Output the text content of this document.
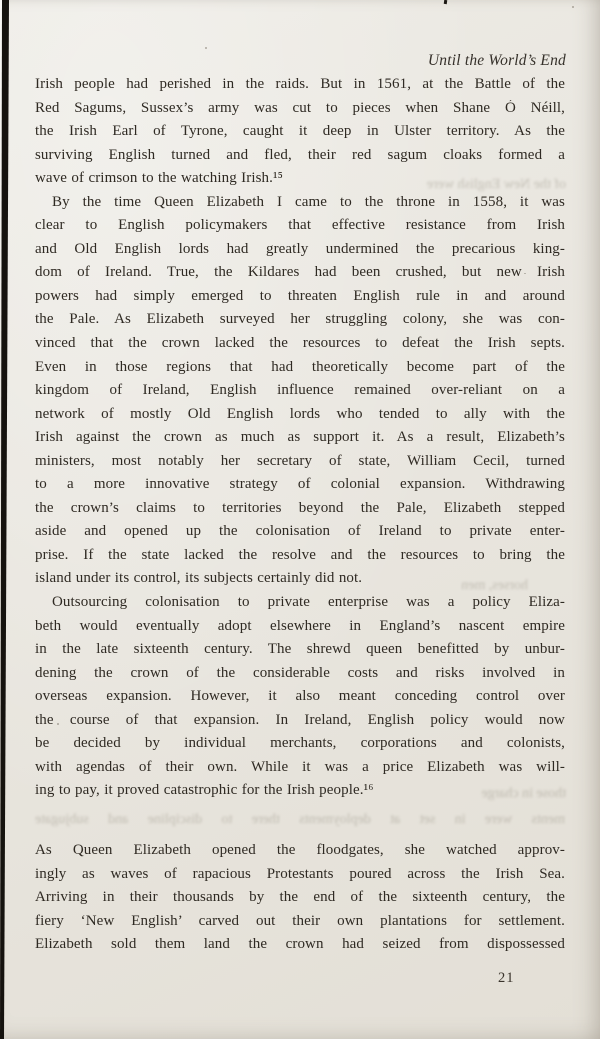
of the New English were
horses, men
those in charge
ments were in set at deployments there to discipline and subjugate
Until the World’s End
Irish people had perished in the raids. But in 1561, at the Battle of the
Red Sagums, Sussex’s army was cut to pieces when Shane Ó Néill,
the Irish Earl of Tyrone, caught it deep in Ulster territory. As the
surviving English turned and fled, their red sagum cloaks formed a
wave of crimson to the watching Irish.¹⁵
By the time Queen Elizabeth I came to the throne in 1558, it was
clear to English policymakers that effective resistance from Irish
and Old English lords had greatly undermined the precarious king-
dom of Ireland. True, the Kildares had been crushed, but new Irish
powers had simply emerged to threaten English rule in and around
the Pale. As Elizabeth surveyed her struggling colony, she was con-
vinced that the crown lacked the resources to defeat the Irish septs.
Even in those regions that had theoretically become part of the
kingdom of Ireland, English influence remained over-reliant on a
network of mostly Old English lords who tended to ally with the
Irish against the crown as much as support it. As a result, Elizabeth’s
ministers, most notably her secretary of state, William Cecil, turned
to a more innovative strategy of colonial expansion. Withdrawing
the crown’s claims to territories beyond the Pale, Elizabeth stepped
aside and opened up the colonisation of Ireland to private enter-
prise. If the state lacked the resolve and the resources to bring the
island under its control, its subjects certainly did not.
Outsourcing colonisation to private enterprise was a policy Eliza-
beth would eventually adopt elsewhere in England’s nascent empire
in the late sixteenth century. The shrewd queen benefitted by unbur-
dening the crown of the considerable costs and risks involved in
overseas expansion. However, it also meant conceding control over
the course of that expansion. In Ireland, English policy would now
be decided by individual merchants, corporations and colonists,
with agendas of their own. While it was a price Elizabeth was will-
ing to pay, it proved catastrophic for the Irish people.¹⁶
As Queen Elizabeth opened the floodgates, she watched approv-
ingly as waves of rapacious Protestants poured across the Irish Sea.
Arriving in their thousands by the end of the sixteenth century, the
fiery ‘New English’ carved out their own plantations for settlement.
Elizabeth sold them land the crown had seized from dispossessed
21
